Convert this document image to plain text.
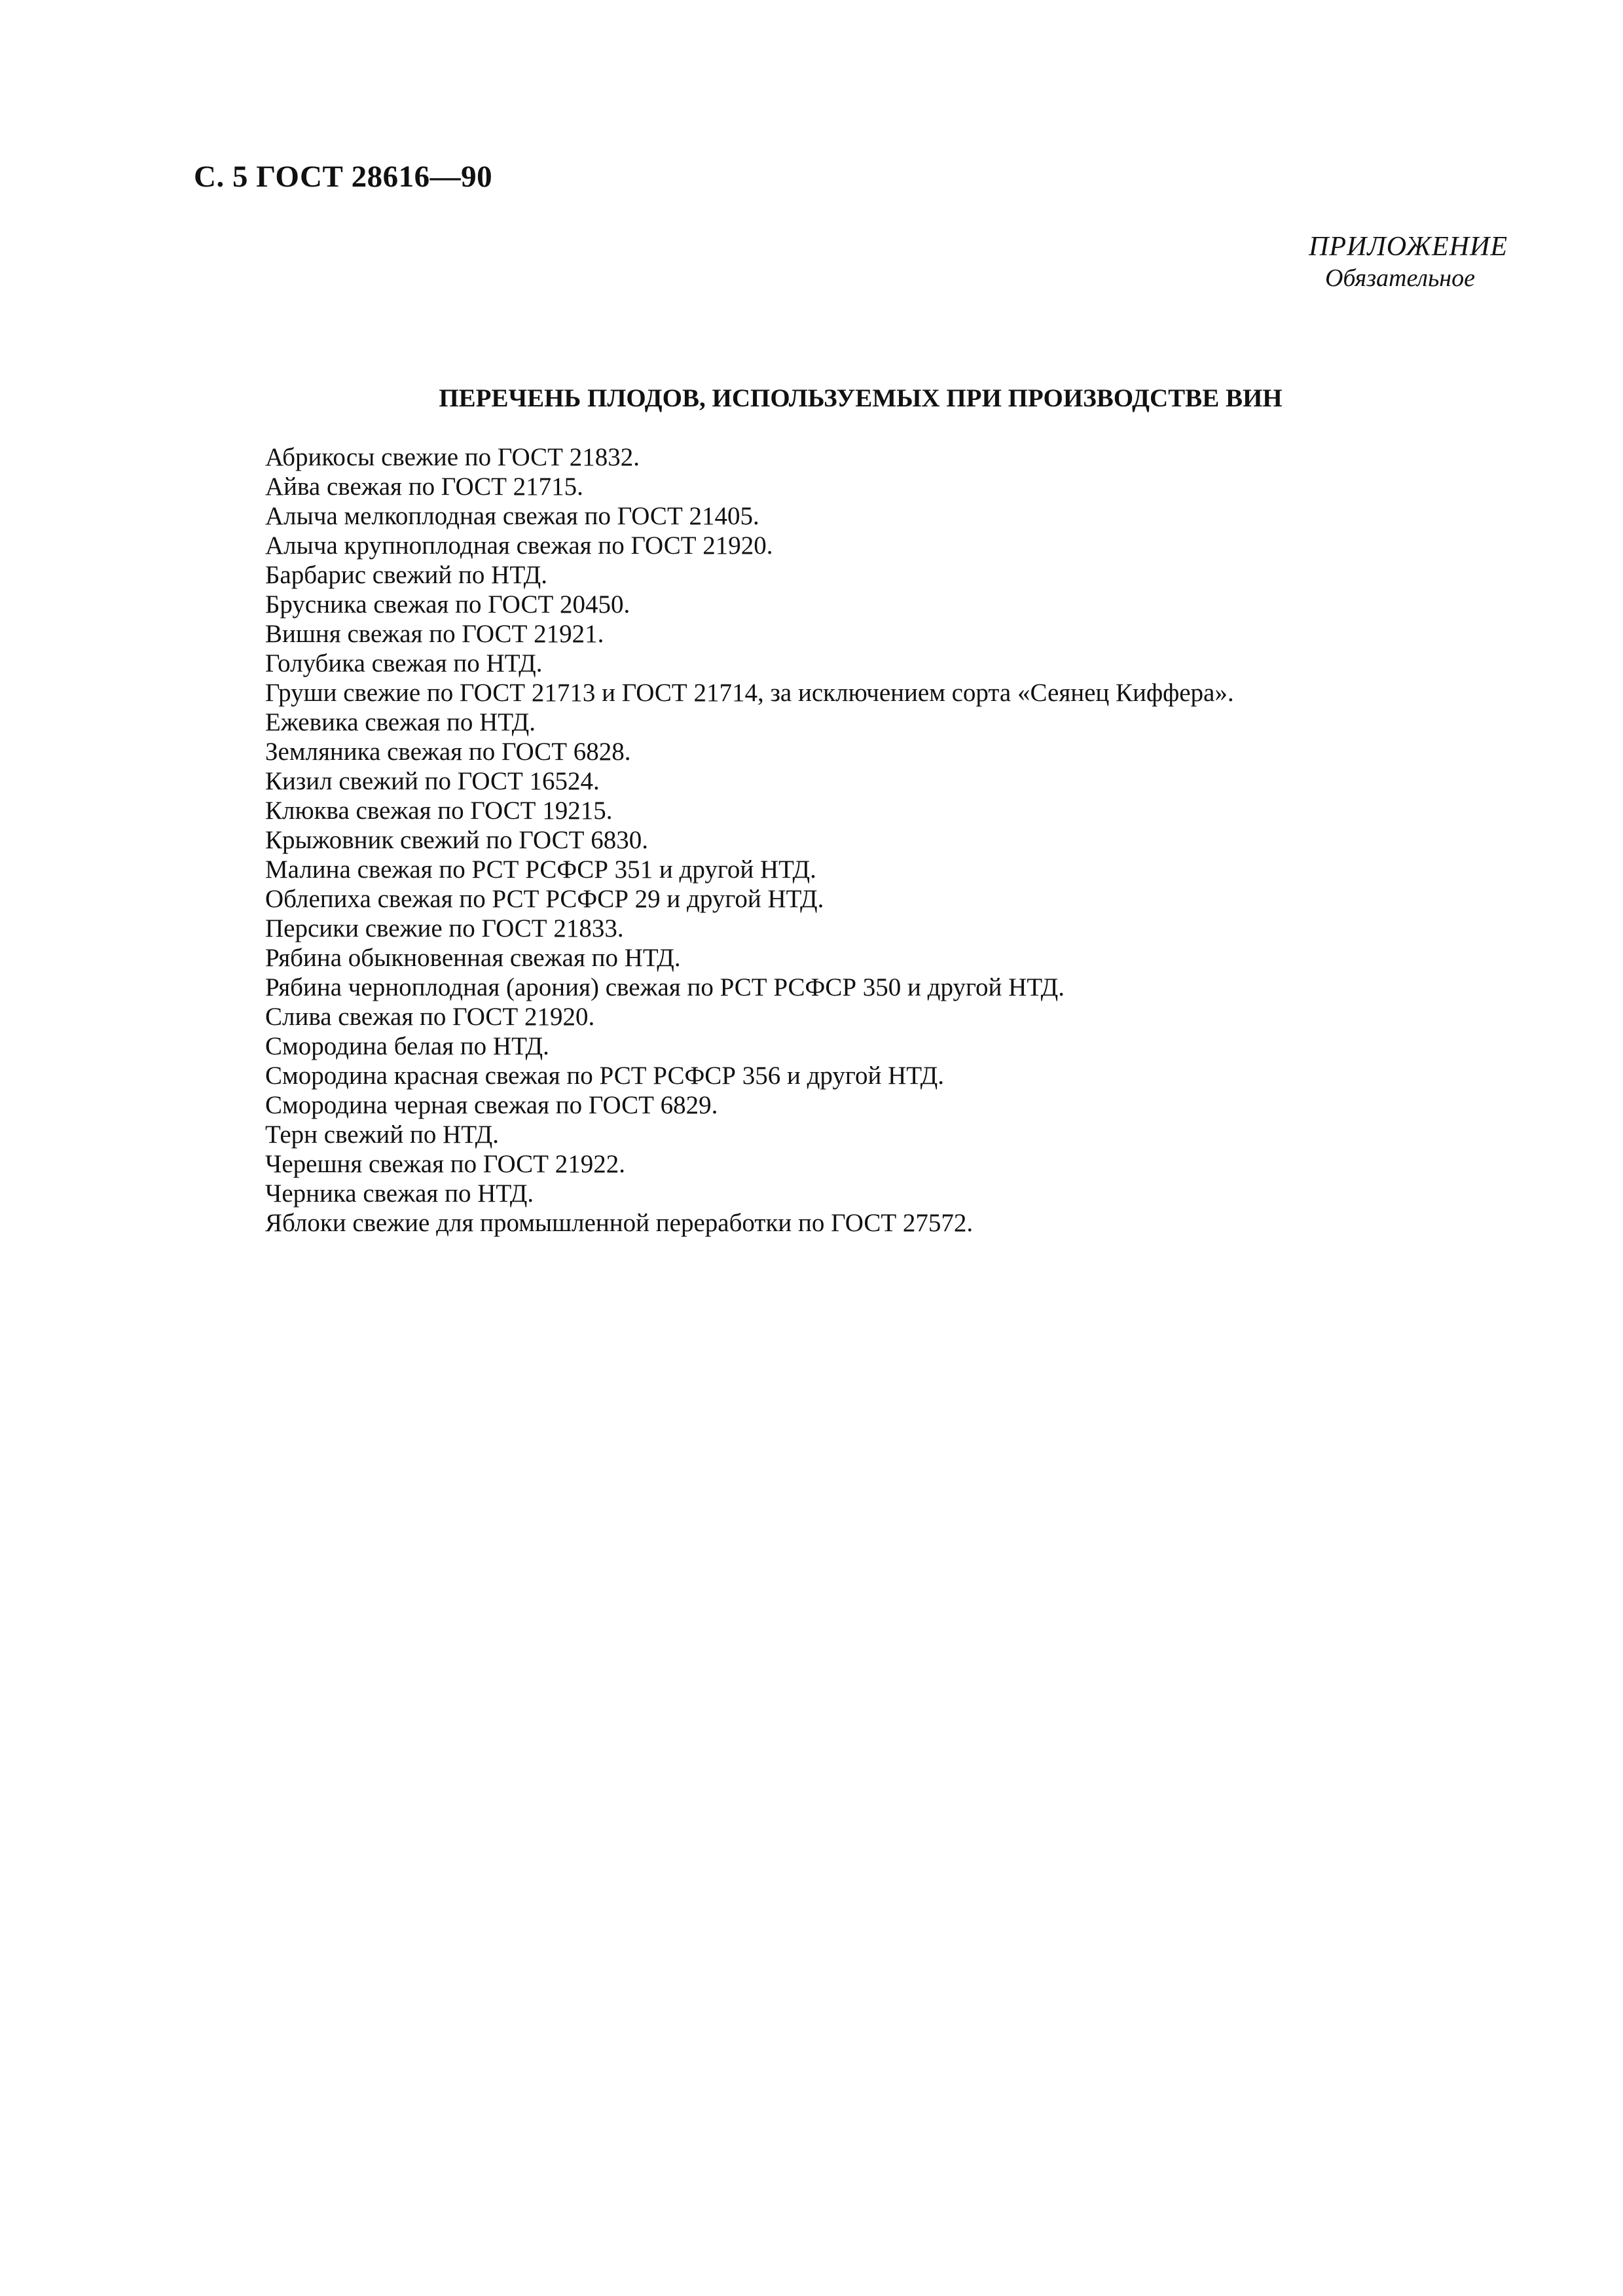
С. 5 ГОСТ 28616—90
ПРИЛОЖЕНИЕ
Обязательное
ПЕРЕЧЕНЬ ПЛОДОВ, ИСПОЛЬЗУЕМЫХ ПРИ ПРОИЗВОДСТВЕ ВИН
Абрикосы свежие по ГОСТ 21832.
Айва свежая по ГОСТ 21715.
Алыча мелкоплодная свежая по ГОСТ 21405.
Алыча крупноплодная свежая по ГОСТ 21920.
Барбарис свежий по НТД.
Брусника свежая по ГОСТ 20450.
Вишня свежая по ГОСТ 21921.
Голубика свежая по НТД.
Груши свежие по ГОСТ 21713 и ГОСТ 21714, за исключением сорта «Сеянец Киффера».
Ежевика свежая по НТД.
Земляника свежая по ГОСТ 6828.
Кизил свежий по ГОСТ 16524.
Клюква свежая по ГОСТ 19215.
Крыжовник свежий по ГОСТ 6830.
Малина свежая по РСТ РСФСР 351 и другой НТД.
Облепиха свежая по РСТ РСФСР 29 и другой НТД.
Персики свежие по ГОСТ 21833.
Рябина обыкновенная свежая по НТД.
Рябина черноплодная (арония) свежая по РСТ РСФСР 350 и другой НТД.
Слива свежая по ГОСТ 21920.
Смородина белая по НТД.
Смородина красная свежая по РСТ РСФСР 356 и другой НТД.
Смородина черная свежая по ГОСТ 6829.
Терн свежий по НТД.
Черешня свежая по ГОСТ 21922.
Черника свежая по НТД.
Яблоки свежие для промышленной переработки по ГОСТ 27572.
